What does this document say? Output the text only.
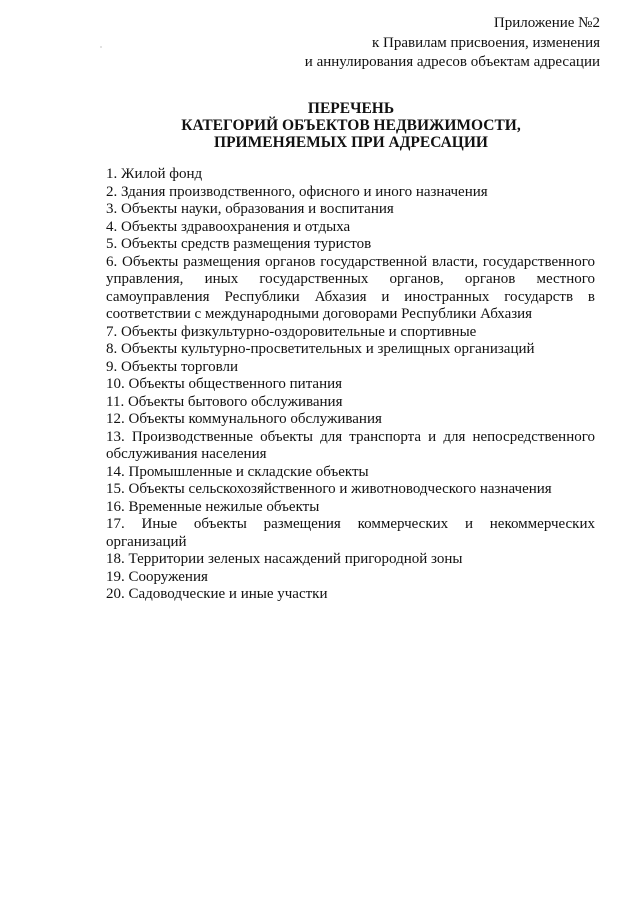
Приложение №2
к Правилам присвоения, изменения
и аннулирования адресов объектам адресации
ПЕРЕЧЕНЬ
КАТЕГОРИЙ ОБЪЕКТОВ НЕДВИЖИМОСТИ,
ПРИМЕНЯЕМЫХ ПРИ АДРЕСАЦИИ
1. Жилой фонд
2. Здания производственного, офисного и иного назначения
3. Объекты науки, образования и воспитания
4. Объекты здравоохранения и отдыха
5. Объекты средств размещения туристов
6. Объекты размещения органов государственной власти, государственного управления, иных государственных органов, органов местного самоуправления Республики Абхазия и иностранных государств в соответствии с международными договорами Республики Абхазия
7. Объекты физкультурно-оздоровительные и спортивные
8. Объекты культурно-просветительных и зрелищных организаций
9. Объекты торговли
10. Объекты общественного питания
11. Объекты бытового обслуживания
12. Объекты коммунального обслуживания
13. Производственные объекты для транспорта и для непосредственного обслуживания населения
14. Промышленные и складские объекты
15. Объекты сельскохозяйственного и животноводческого назначения
16. Временные нежилые объекты
17. Иные объекты размещения коммерческих и некоммерческих организаций
18. Территории зеленых насаждений пригородной зоны
19. Сооружения
20. Садоводческие и иные участки
